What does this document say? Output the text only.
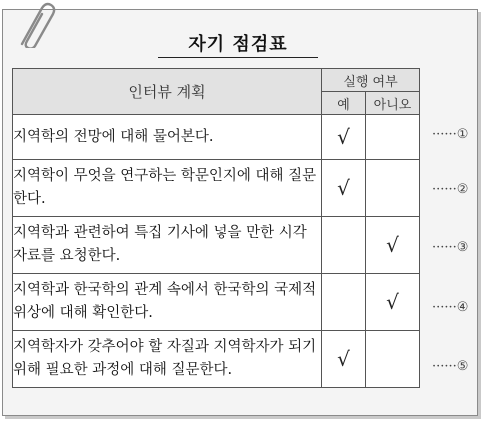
자기 점검표
인터뷰 계획	실행 여부	
	예	아니오
지역학의 전망에 대해 물어본다.	√	
지역학이 무엇을 연구하는 학문인지에 대해 질문한다.	√	
지역학과 관련하여 특집 기사에 넣을 만한 시각 자료를 요청한다.		√
지역학과 한국학의 관계 속에서 한국학의 국제적 위상에 대해 확인한다.		√
지역학자가 갖추어야 할 자질과 지역학자가 되기 위해 필요한 과정에 대해 질문한다.	√	
······①
······②
······③
······④
······⑤
